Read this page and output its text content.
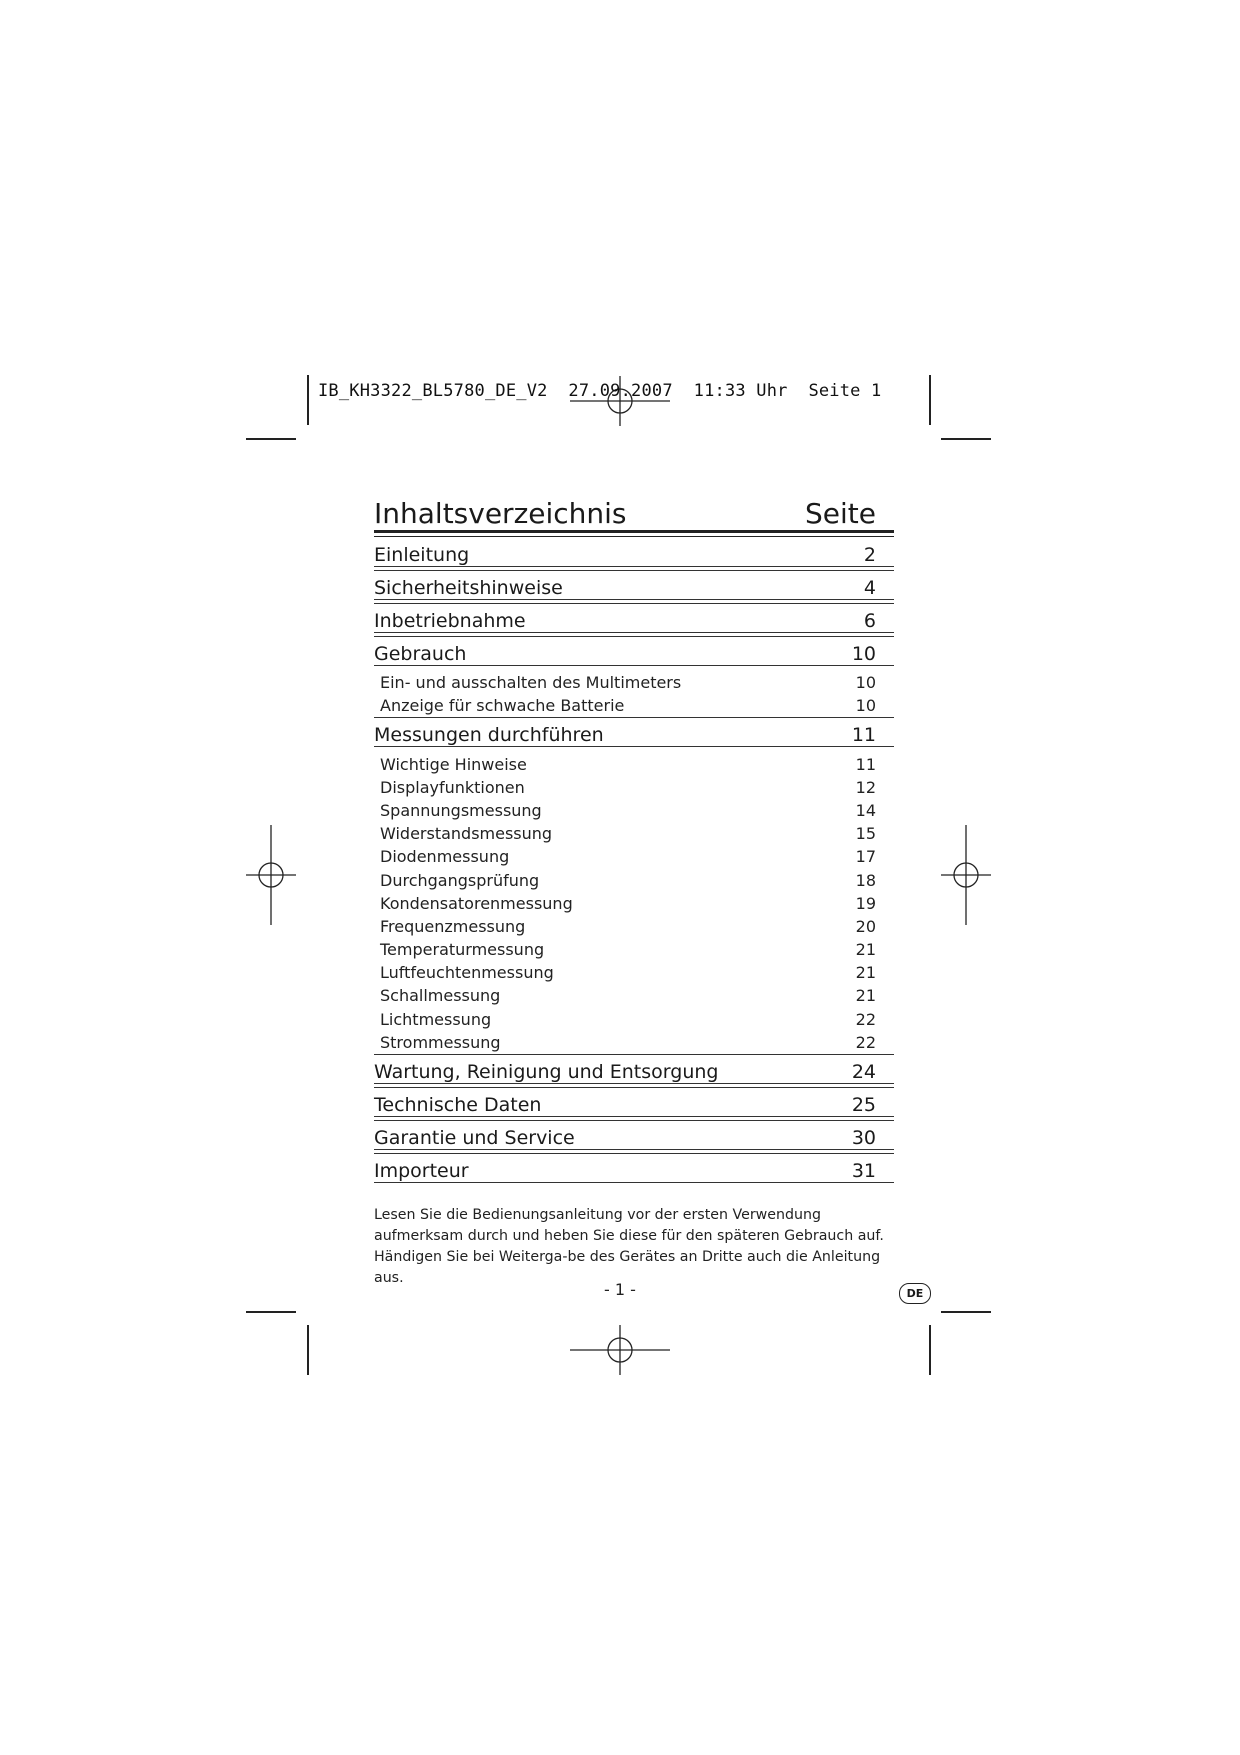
IB_KH3322_BL5780_DE_V2  27.09.2007  11:33 Uhr  Seite 1
Inhaltsverzeichnis	Seite
Einleitung	2
Sicherheitshinweise	4
Inbetriebnahme	6
Gebrauch	10
Ein- und ausschalten des Multimeters	10
Anzeige für schwache Batterie	10
Messungen durchführen	11
Wichtige Hinweise	11
Displayfunktionen	12
Spannungsmessung	14
Widerstandsmessung	15
Diodenmessung	17
Durchgangsprüfung	18
Kondensatorenmessung	19
Frequenzmessung	20
Temperaturmessung	21
Luftfeuchtenmessung	21
Schallmessung	21
Lichtmessung	22
Strommessung	22
Wartung, Reinigung und Entsorgung	24
Technische Daten	25
Garantie und Service	30
Importeur	31

Lesen Sie die Bedienungsanleitung vor der ersten Verwendung aufmerksam durch und heben Sie diese für den späteren Gebrauch auf. Händigen Sie bei Weiterga-be des Gerätes an Dritte auch die Anleitung aus.

- 1 -	DE
